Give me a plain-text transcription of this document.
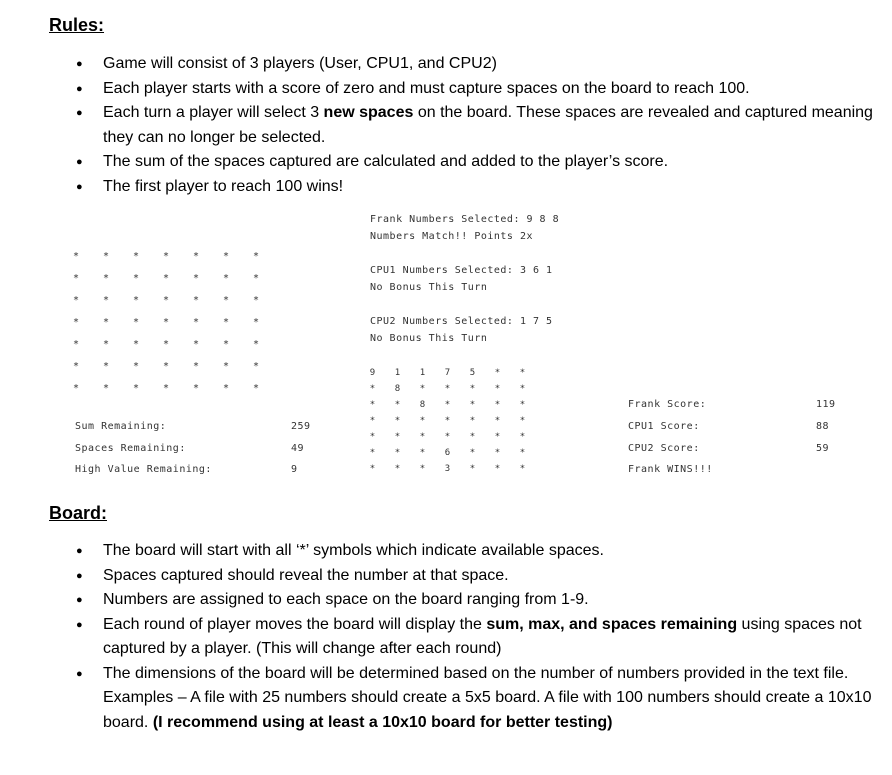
Rules:
● Game will consist of 3 players (User, CPU1, and CPU2)
● Each player starts with a score of zero and must capture spaces on the board to reach 100.
● Each turn a player will select 3 new spaces on the board. These spaces are revealed and captured meaning they can no longer be selected.
● The sum of the spaces captured are calculated and added to the player’s score.
● The first player to reach 100 wins!
Frank Numbers Selected: 9 8 8
Numbers Match!! Points 2x
CPU1 Numbers Selected: 3 6 1
No Bonus This Turn
CPU2 Numbers Selected: 1 7 5
No Bonus This Turn
*	*	*	*	*	*	*
*	*	*	*	*	*	*
*	*	*	*	*	*	*
*	*	*	*	*	*	*
*	*	*	*	*	*	*
*	*	*	*	*	*	*
*	*	*	*	*	*	*
9	1	1	7	5	*	*
*	8	*	*	*	*	*
*	*	8	*	*	*	*
*	*	*	*	*	*	*
*	*	*	*	*	*	*
*	*	*	6	*	*	*
*	*	*	3	*	*	*
Sum Remaining:	259
Spaces Remaining:	49
High Value Remaining:	9
Frank Score:	119
CPU1 Score:	88
CPU2 Score:	59
Frank WINS!!!
Board:
● The board will start with all ‘*’ symbols which indicate available spaces.
● Spaces captured should reveal the number at that space.
● Numbers are assigned to each space on the board ranging from 1-9.
● Each round of player moves the board will display the sum, max, and spaces remaining using spaces not captured by a player. (This will change after each round)
● The dimensions of the board will be determined based on the number of numbers provided in the text file. Examples – A file with 25 numbers should create a 5x5 board. A file with 100 numbers should create a 10x10 board. (I recommend using at least a 10x10 board for better testing)
